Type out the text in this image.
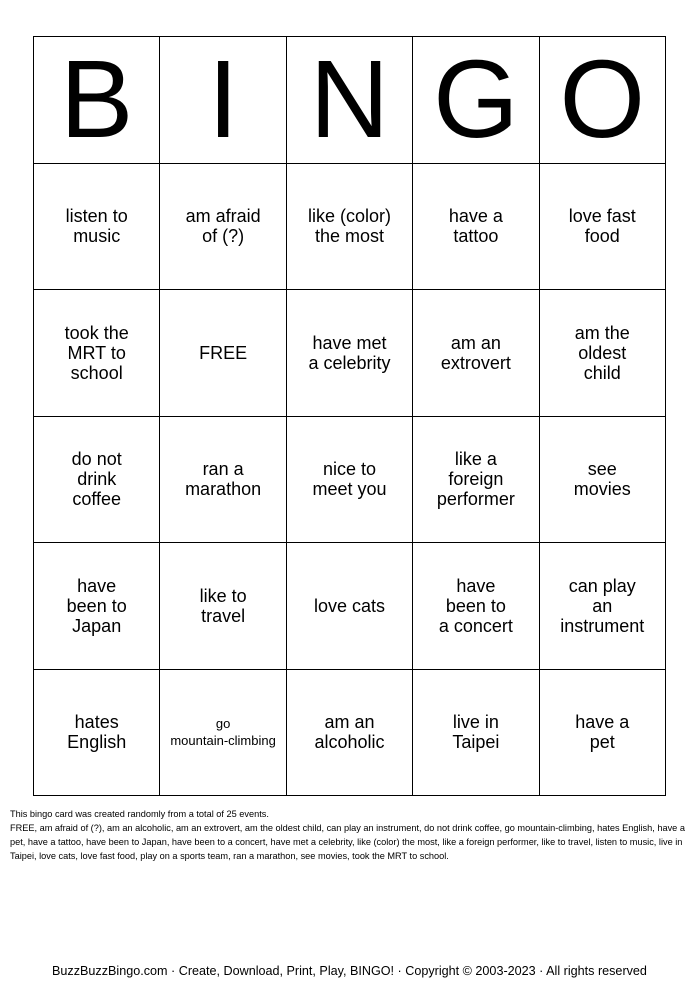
B I N G O
listen to
music
am afraid
of (?)
like (color)
the most
have a
tattoo
love fast
food
took the
MRT to
school
FREE	have met
a celebrity
am an
extrovert
am the
oldest
child
do not
drink
coffee
ran a
marathon
nice to
meet you
like a
foreign
performer
see
movies
have
been to
Japan
like to
travel	love cats
have
been to
a concert
can play
an
instrument
hates
English
go
mountain-climbing
am an
alcoholic
live in
Taipei
have a
pet

This bingo card was created randomly from a total of 25 events.

FREE, am afraid of (?), am an alcoholic, am an extrovert, am the oldest child, can play an instrument, do not drink coffee, go mountain-climbing, hates English, have a pet, have a tattoo, have been to Japan, have been to a concert, have met a celebrity, like (color) the most, like a foreign performer, like to travel, listen to music, live in Taipei, love cats, love fast food, play on a sports team, ran a marathon, see movies, took the MRT to school.

BuzzBuzzBingo.com · Create, Download, Print, Play, BINGO! · Copyright © 2003-2023 · All rights reserved
